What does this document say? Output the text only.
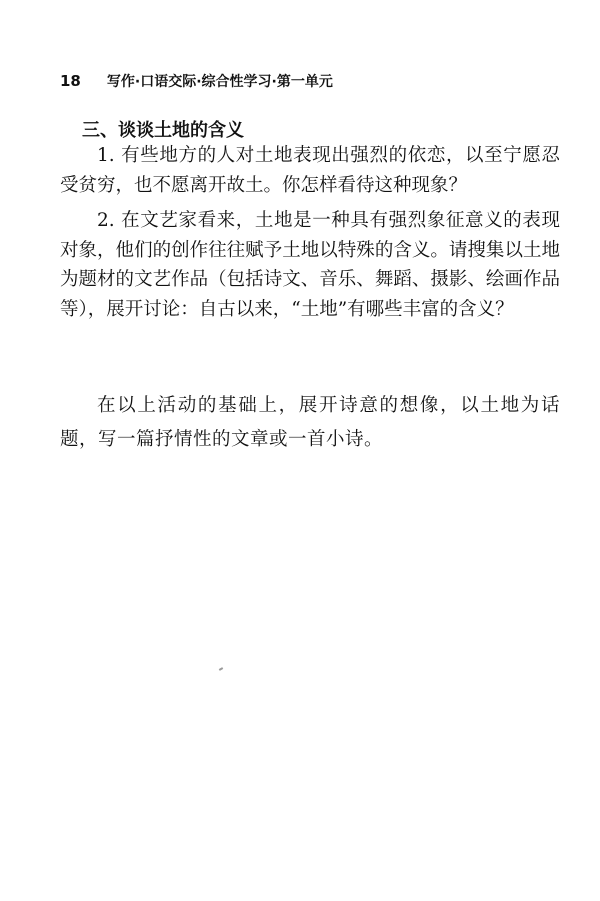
18 写作·口语交际·综合性学习·第一单元
三、谈谈土地的含义

1. 有些地方的人对土地表现出强烈的依恋，以至宁愿忍受贫穷，也不愿离开故土。你怎样看待这种现象？

2. 在文艺家看来，土地是一种具有强烈象征意义的表现对象，他们的创作往往赋予土地以特殊的含义。请搜集以土地为题材的文艺作品（包括诗文、音乐、舞蹈、摄影、绘画作品等），展开讨论：自古以来，“土地”有哪些丰富的含义？

在以上活动的基础上，展开诗意的想像，以土地为话题，写一篇抒情性的文章或一首小诗。
